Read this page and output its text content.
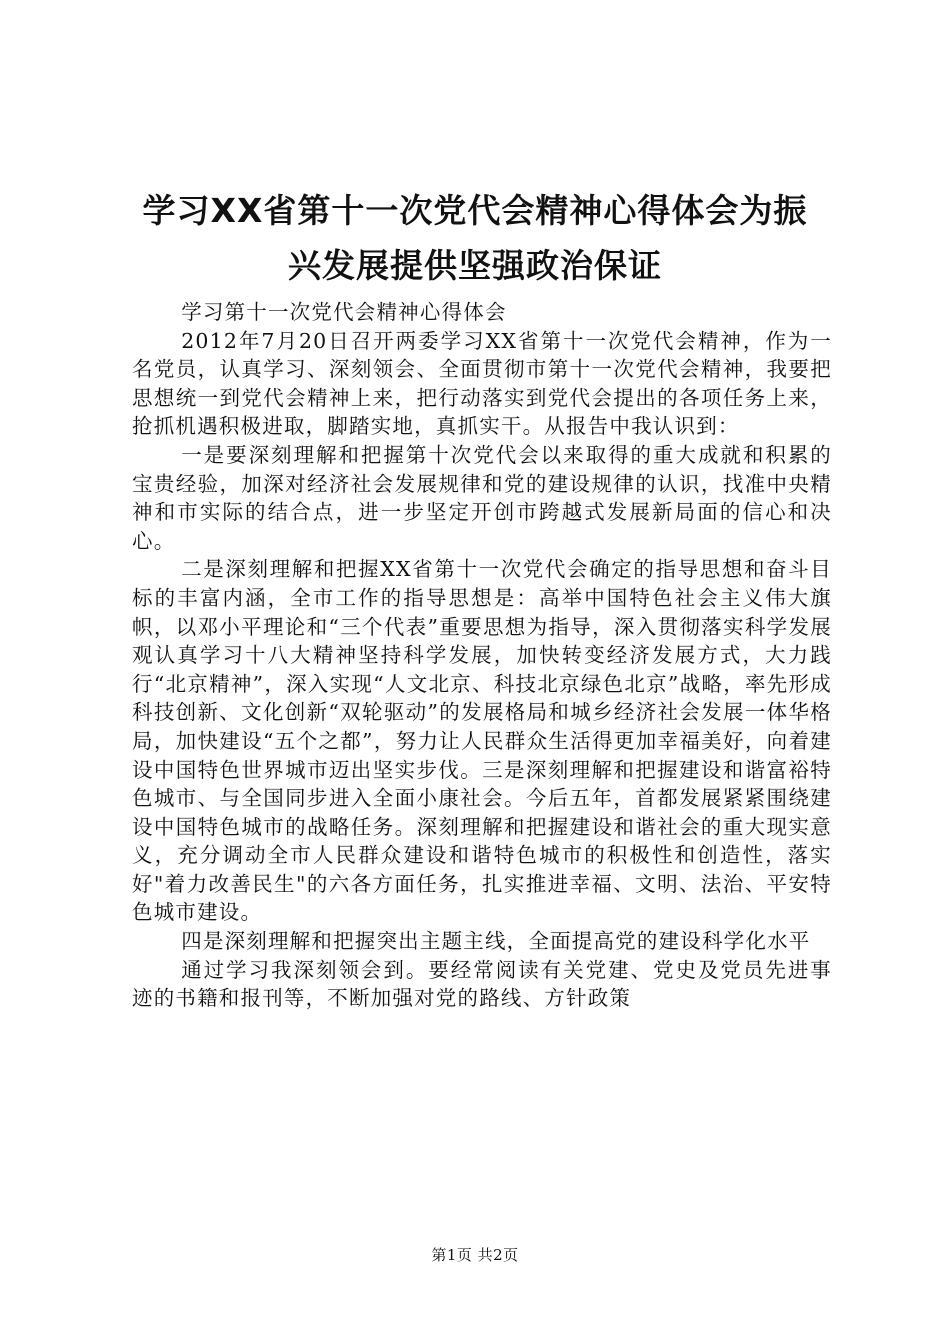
学习XX省第十一次党代会精神心得体会为振
兴发展提供坚强政治保证

学习第十一次党代会精神心得体会

2012年7月20日召开两委学习XX省第十一次党代会精神，作为一名党员，认真学习、深刻领会、全面贯彻市第十一次党代会精神，我要把思想统一到党代会精神上来，把行动落实到党代会提出的各项任务上来，抢抓机遇积极进取，脚踏实地，真抓实干。从报告中我认识到：

一是要深刻理解和把握第十次党代会以来取得的重大成就和积累的宝贵经验，加深对经济社会发展规律和党的建设规律的认识，找准中央精神和市实际的结合点，进一步坚定开创市跨越式发展新局面的信心和决心。

二是深刻理解和把握XX省第十一次党代会确定的指导思想和奋斗目标的丰富内涵，全市工作的指导思想是：高举中国特色社会主义伟大旗帜，以邓小平理论和“三个代表”重要思想为指导，深入贯彻落实科学发展观认真学习十八大精神坚持科学发展，加快转变经济发展方式，大力践行“北京精神”，深入实现“人文北京、科技北京绿色北京”战略，率先形成科技创新、文化创新“双轮驱动”的发展格局和城乡经济社会发展一体华格局，加快建设“五个之都”，努力让人民群众生活得更加幸福美好，向着建设中国特色世界城市迈出坚实步伐。三是深刻理解和把握建设和谐富裕特色城市、与全国同步进入全面小康社会。今后五年，首都发展紧紧围绕建设中国特色城市的战略任务。深刻理解和把握建设和谐社会的重大现实意义，充分调动全市人民群众建设和谐特色城市的积极性和创造性，落实好"着力改善民生"的六各方面任务，扎实推进幸福、文明、法治、平安特色城市建设。

四是深刻理解和把握突出主题主线，全面提高党的建设科学化水平

通过学习我深刻领会到。要经常阅读有关党建、党史及党员先进事迹的书籍和报刊等，不断加强对党的路线、方针政策

第1页 共2页
